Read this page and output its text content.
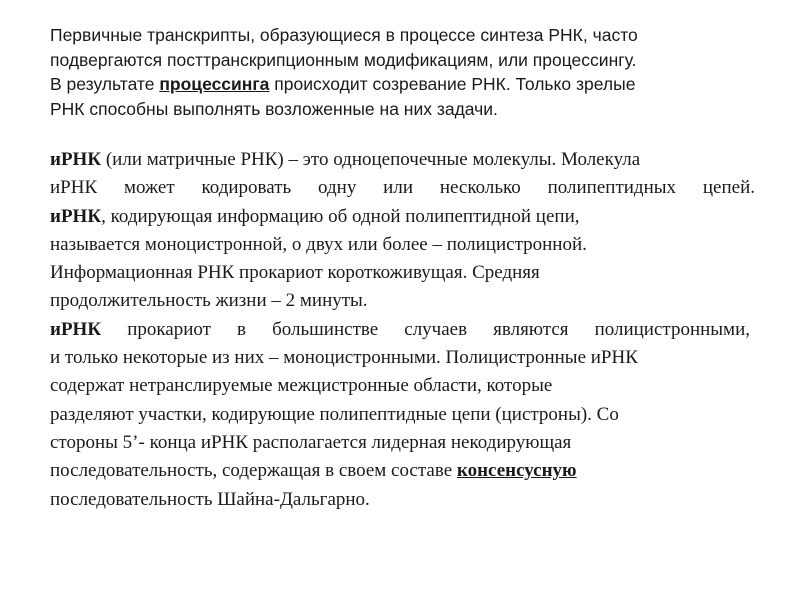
Первичные транскрипты, образующиеся в процессе синтеза РНК, часто
подвергаются посттранскрипционным модификациям, или процессингу.
В результате процессинга происходит созревание РНК. Только зрелые
РНК способны выполнять возложенные на них задачи.
иРНК (или матричные РНК) – это одноцепочечные молекулы. Молекула
иРНК может кодировать одну или несколько полипептидных цепей.
иРНК, кодирующая информацию об одной полипептидной цепи,
называется моноцистронной, о двух или более – полицистронной.
Информационная РНК прокариот короткоживущая. Средняя
продолжительность жизни – 2 минуты.
иРНК прокариот в большинстве случаев являются полицистронными,
и только некоторые из них – моноцистронными. Полицистронные иРНК
содержат нетранслируемые межцистронные области, которые
разделяют участки, кодирующие полипептидные цепи (цистроны). Со
стороны 5’- конца иРНК располагается лидерная некодирующая
последовательность, содержащая в своем составе консенсусную
последовательность Шайна-Дальгарно.
